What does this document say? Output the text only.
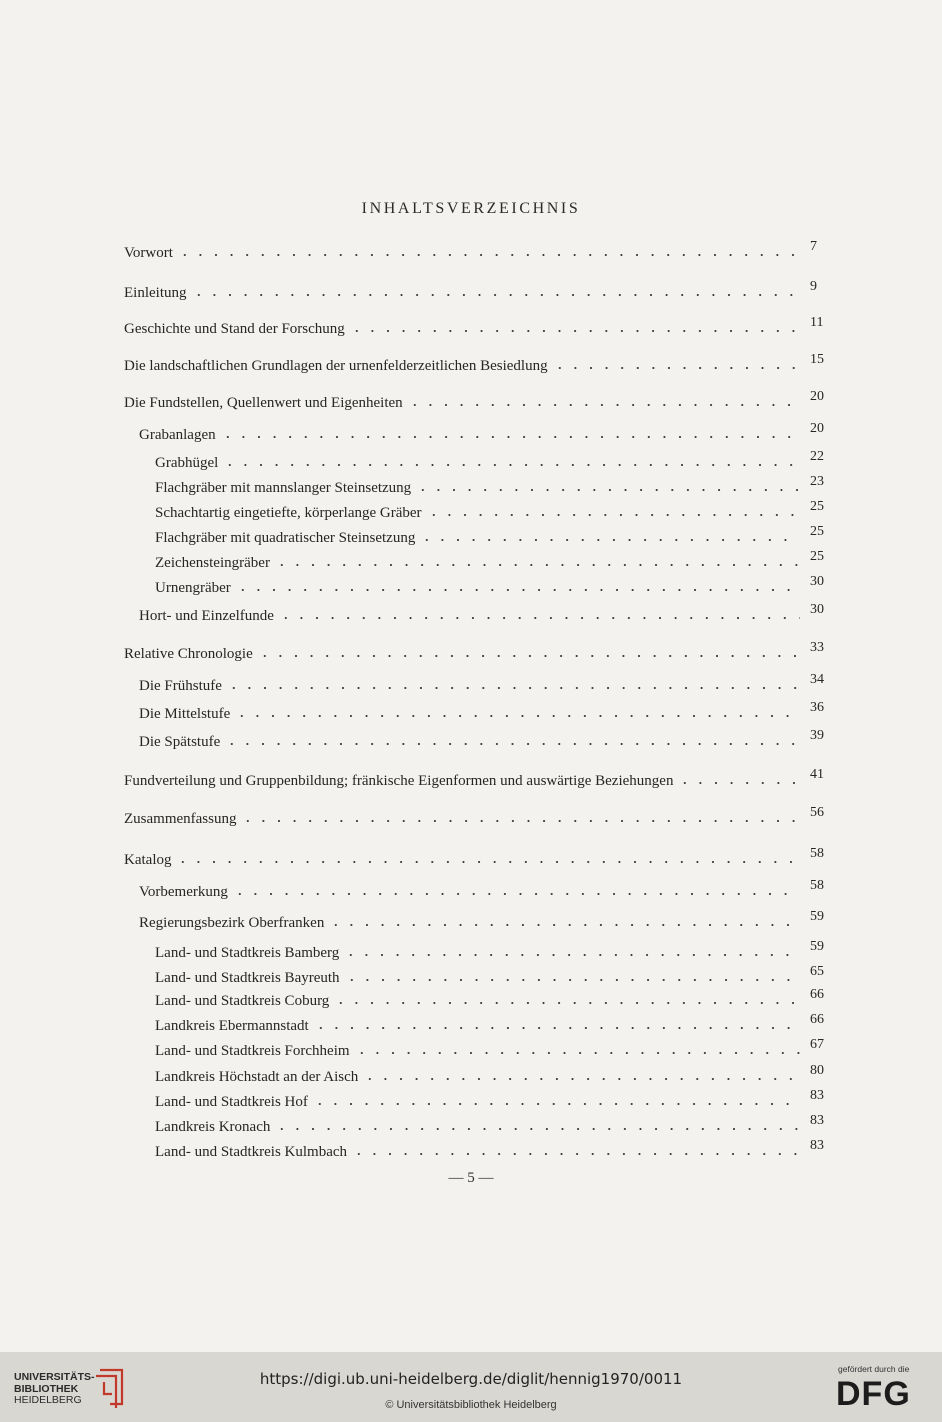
INHALTSVERZEICHNIS
Vorwort	7
Einleitung	9
Geschichte und Stand der Forschung	11
Die landschaftlichen Grundlagen der urnenfelderzeitlichen Besiedlung	15
Die Fundstellen, Quellenwert und Eigenheiten	20
Grabanlagen	20
Grabhügel	22
Flachgräber mit mannslanger Steinsetzung	23
Schachtartig eingetiefte, körperlange Gräber	25
Flachgräber mit quadratischer Steinsetzung	25
Zeichensteingräber	25
Urnengräber	30
Hort- und Einzelfunde	30
Relative Chronologie	33
Die Frühstufe	34
Die Mittelstufe	36
Die Spätstufe	39
Fundverteilung und Gruppenbildung; fränkische Eigenformen und auswärtige Beziehungen	41
Zusammenfassung	56
Katalog	58
Vorbemerkung	58
Regierungsbezirk Oberfranken	59
Land- und Stadtkreis Bamberg	59
Land- und Stadtkreis Bayreuth	65
Land- und Stadtkreis Coburg	66
Landkreis Ebermannstadt	66
Land- und Stadtkreis Forchheim	67
Landkreis Höchstadt an der Aisch	80
Land- und Stadtkreis Hof	83
Landkreis Kronach	83
Land- und Stadtkreis Kulmbach	83
— 5 —
UNIVERSITÄTS-
BIBLIOTHEK
HEIDELBERG
https://digi.ub.uni-heidelberg.de/diglit/hennig1970/0011
© Universitätsbibliothek Heidelberg
gefördert durch die
DFG
